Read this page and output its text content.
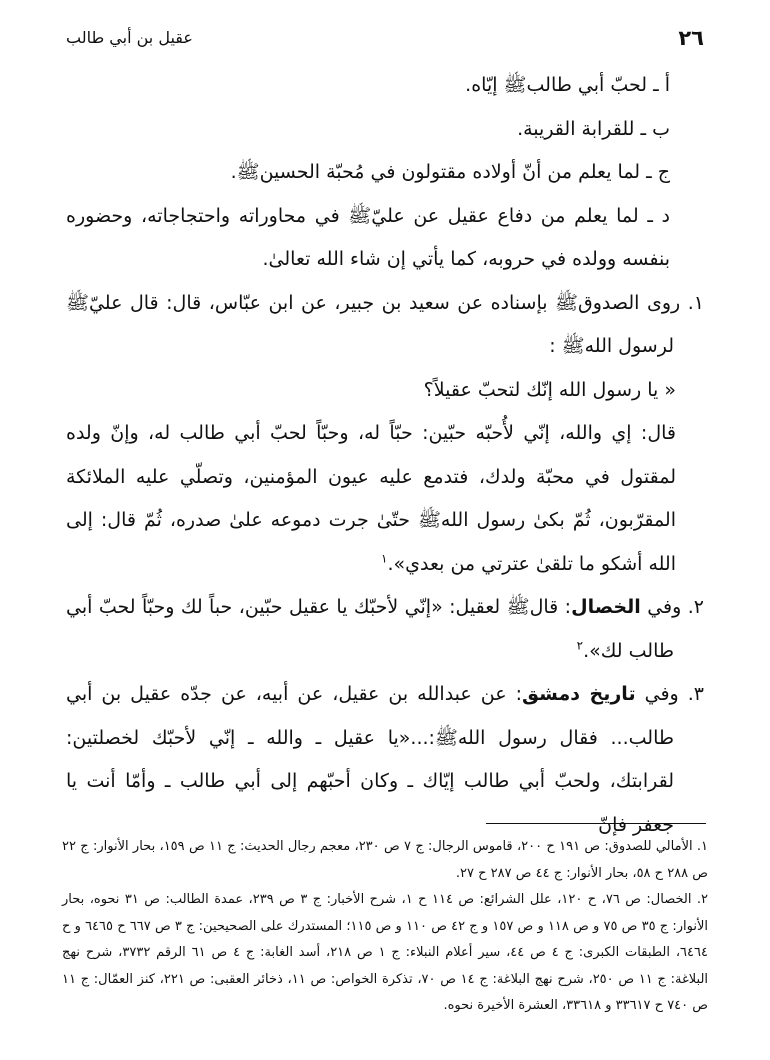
٢٦
عقيل بن أبي طالب

أ ـ لحبّ أبي طالبﷺ إيّاه.

ب ـ للقرابة القريبة.

ج ـ لما يعلم من أنّ أولاده مقتولون في مُحبّة الحسينﷺ.

د ـ لما يعلم من دفاع عقيل عن عليّﷺ في محاوراته واحتجاجاته، وحضوره بنفسه وولده في حروبه، كما يأتي إن شاء الله تعالىٰ.

١. روى الصدوقﷺ بإسناده عن سعيد بن جبير، عن ابن عبّاس، قال: قال عليّﷺ لرسول اللهﷺ :

« يا رسول الله إنّك لتحبّ عقيلاً؟

قال: إي والله، إنّي لأُحبّه حبّين: حبّاً له، وحبّاً لحبّ أبي طالب له، وإنّ ولده لمقتول في محبّة ولدك، فتدمع عليه عيون المؤمنين، وتصلّي عليه الملائكة المقرّبون، ثُمّ بكىٰ رسول اللهﷺ حتّىٰ جرت دموعه علىٰ صدره، ثُمّ قال: إلى الله أشكو ما تلقىٰ عترتي من بعدي».$^١$

٢. وفي الخصال: قالﷺ لعقيل: «إنّي لأحبّك يا عقيل حبّين، حباً لك وحبّاً لحبّ أبي طالب لك».$^٢$

٣. وفي تاريخ دمشق: عن عبدالله بن عقيل، عن أبيه، عن جدّه عقيل بن أبي طالب... فقال رسول اللهﷺ:...«يا عقيل ـ والله ـ إنّي لأحبّك لخصلتين: لقرابتك، ولحبّ أبي طالب إيّاك ـ وكان أحبّهم إلى أبي طالب ـ وأمّا أنت يا جعفر فإنّ

١. الأمالي للصدوق: ص ١٩١ ح ٢٠٠، قاموس الرجال: ج ٧ ص ٢٣٠، معجم رجال الحديث: ج ١١ ص ١٥٩، بحار الأنوار: ج ٢٢ ص ٢٨٨ ح ٥٨، بحار الأنوار: ج ٤٤ ص ٢٨٧ ح ٢٧.

٢. الخصال: ص ٧٦، ح ١٢٠، علل الشرائع: ص ١١٤ ح ١، شرح الأخبار: ج ٣ ص ٢٣٩، عمدة الطالب: ص ٣١ نحوه، بحار الأنوار: ج ٣٥ ص ٧٥ و ص ١١٨ و ص ١٥٧ و ج ٤٢ ص ١١٠ و ص ١١٥؛ المستدرك على الصحيحين: ج ٣ ص ٦٦٧ ح ٦٤٦٥ و ح ٦٤٦٤، الطبقات الكبرى: ج ٤ ص ٤٤، سير أعلام النبلاء: ج ١ ص ٢١٨، أسد الغابة: ج ٤ ص ٦١ الرقم ٣٧٣٢، شرح نهج البلاغة: ج ١١ ص ٢٥٠، شرح نهج البلاغة: ج ١٤ ص ٧٠، تذكرة الخواص: ص ١١، ذخائر العقبى: ص ٢٢١، كنز العمّال: ج ١١ ص ٧٤٠ ح ٣٣٦١٧ و ٣٣٦١٨، العشرة الأخيرة نحوه.
